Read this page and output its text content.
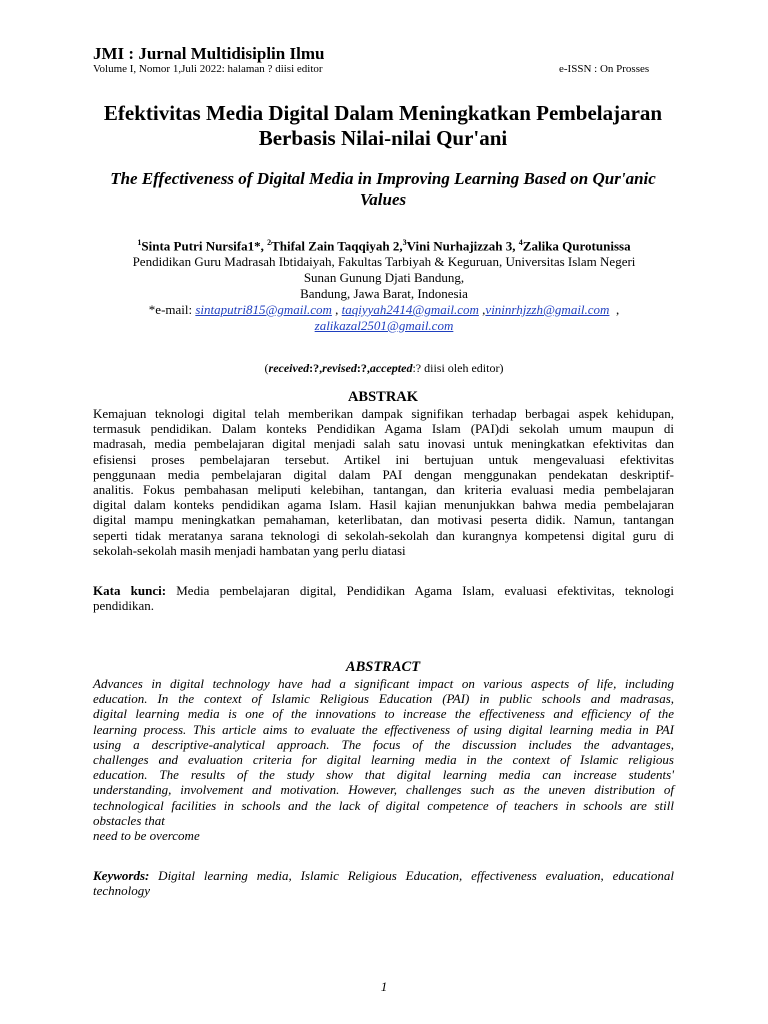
JMI : Jurnal Multidisiplin Ilmu
Volume I, Nomor 1,Juli 2022: halaman ? diisi editor	e-ISSN : On Prosses
Efektivitas Media Digital Dalam Meningkatkan Pembelajaran
Berbasis Nilai-nilai Qur'ani
The Effectiveness of Digital Media in Improving Learning Based on Qur'anic
Values
$^1$Sinta Putri Nursifa1*, $^2$Thifal Zain Taqqiyah 2,$^3$Vini Nurhajizzah 3, $^4$Zalika Qurotunissa
Pendidikan Guru Madrasah Ibtidaiyah, Fakultas Tarbiyah & Keguruan, Universitas Islam Negeri
Sunan Gunung Djati Bandung,
Bandung, Jawa Barat, Indonesia
*e-mail: sintaputri815@gmail.com , taqiyyah2414@gmail.com ,vininrhjzzh@gmail.com  ,
zalikazal2501@gmail.com
(received:?,revised:?,accepted:? diisi oleh editor)
ABSTRAK
Kemajuan teknologi digital telah memberikan dampak signifikan terhadap berbagai aspek kehidupan,
termasuk pendidikan. Dalam konteks Pendidikan Agama Islam (PAI)di sekolah umum maupun di
madrasah, media pembelajaran digital menjadi salah satu inovasi untuk meningkatkan efektivitas dan
efisiensi proses pembelajaran tersebut. Artikel ini bertujuan untuk mengevaluasi efektivitas
penggunaan media pembelajaran digital dalam PAI dengan menggunakan pendekatan deskriptif-
analitis. Fokus pembahasan meliputi kelebihan, tantangan, dan kriteria evaluasi media pembelajaran
digital dalam konteks pendidikan agama Islam. Hasil kajian menunjukkan bahwa media pembelajaran
digital mampu meningkatkan pemahaman, keterlibatan, dan motivasi peserta didik. Namun, tantangan
seperti tidak meratanya sarana teknologi di sekolah-sekolah dan kurangnya kompetensi digital guru di
sekolah-sekolah masih menjadi hambatan yang perlu diatasi
Kata kunci: Media pembelajaran digital, Pendidikan Agama Islam, evaluasi efektivitas, teknologi
pendidikan.
ABSTRACT
Advances in digital technology have had a significant impact on various aspects of life, including
education. In the context of Islamic Religious Education (PAI) in public schools and madrasas,
digital learning media is one of the innovations to increase the effectiveness and efficiency of the
learning process. This article aims to evaluate the effectiveness of using digital learning media in PAI
using a descriptive-analytical approach. The focus of the discussion includes the advantages,
challenges and evaluation criteria for digital learning media in the context of Islamic religious
education. The results of the study show that digital learning media can increase students'
understanding, involvement and motivation. However, challenges such as the uneven distribution of
technological facilities in schools and the lack of digital competence of teachers in schools are still
obstacles that
need to be overcome
Keywords: Digital learning media, Islamic Religious Education, effectiveness evaluation, educational
technology
1
